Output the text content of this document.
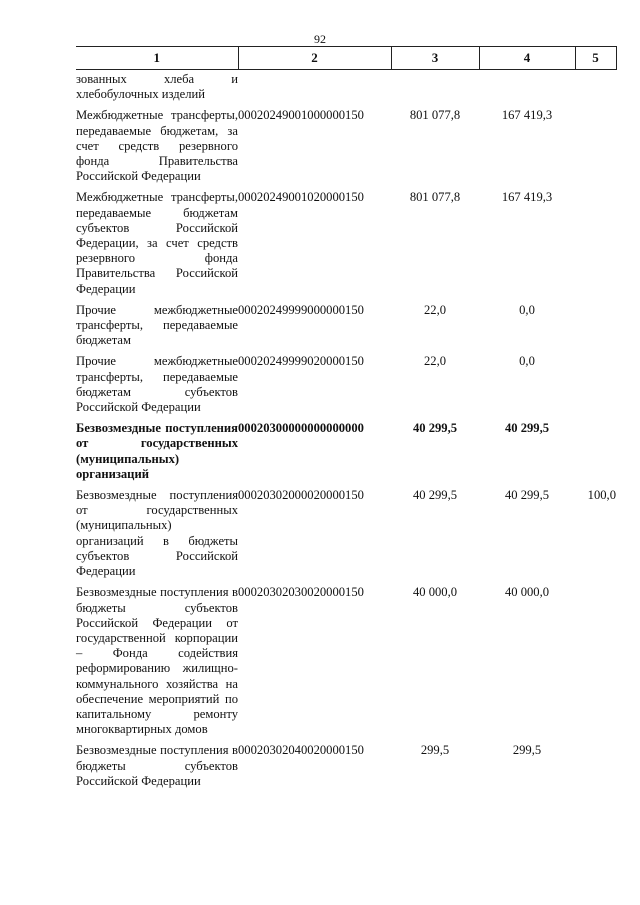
92
1	2	3	4	5
зованных хлеба и хлебобулочных изделий				
Межбюджетные трансферты, передаваемые бюджетам, за счет средств резервного фонда Правительства Российской Федерации	00020249001000000150	801 077,8	167 419,3	
Межбюджетные трансферты, передаваемые бюджетам субъектов Российской Федерации, за счет средств резервного фонда Правительства Российской Федерации	00020249001020000150	801 077,8	167 419,3	
Прочие межбюджетные трансферты, передаваемые бюджетам	00020249999000000150	22,0	0,0	
Прочие межбюджетные трансферты, передаваемые бюджетам субъектов Российской Федерации	00020249999020000150	22,0	0,0	
Безвозмездные поступления от государственных (муниципальных) организаций	00020300000000000000	40 299,5	40 299,5	
Безвозмездные поступления от государственных (муниципальных) организаций в бюджеты субъектов Российской Федерации	00020302000020000150	40 299,5	40 299,5	100,0
Безвозмездные поступления в бюджеты субъектов Российской Федерации от государственной корпорации – Фонда содействия реформированию жилищно-коммунального хозяйства на обеспечение мероприятий по капитальному ремонту многоквартирных домов	00020302030020000150	40 000,0	40 000,0	
Безвозмездные поступления в бюджеты субъектов Российской Федерации	00020302040020000150	299,5	299,5	
